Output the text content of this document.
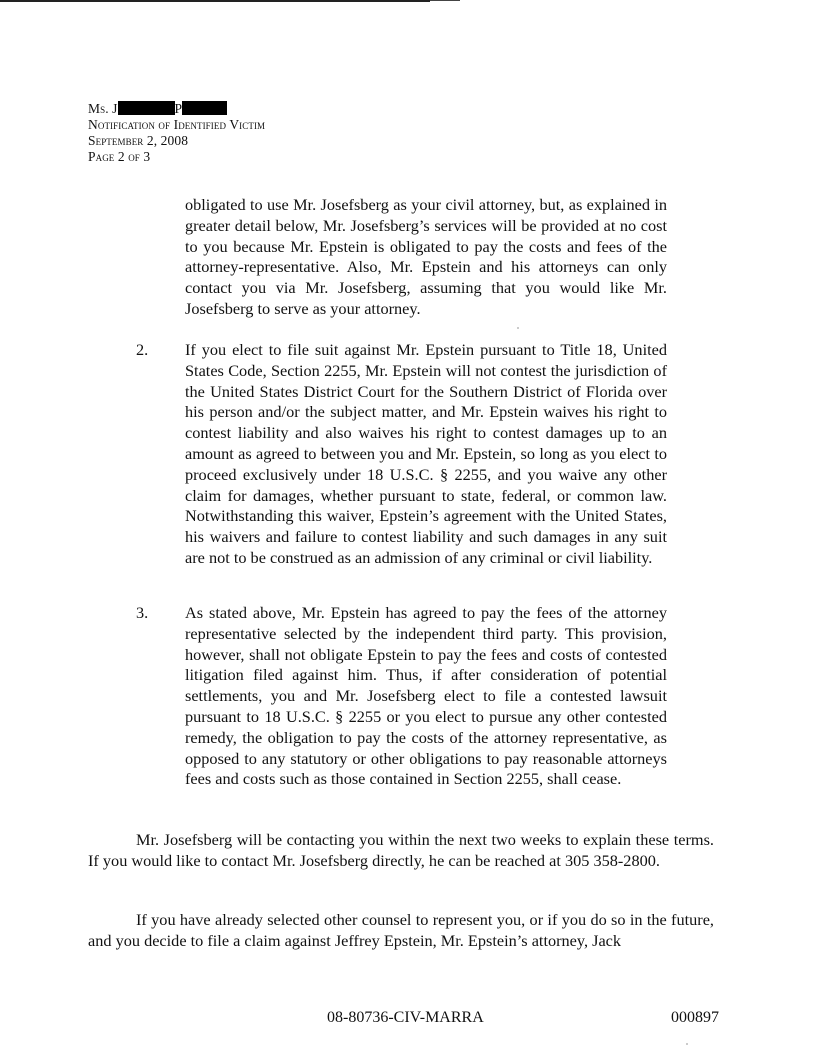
Ms. J	P
Notification of Identified Victim
September 2, 2008
Page 2 of 3
obligated to use Mr. Josefsberg as your civil attorney, but, as explained in greater detail below, Mr. Josefsberg’s services will be provided at no cost to you because Mr. Epstein is obligated to pay the costs and fees of the attorney-representative. Also, Mr. Epstein and his attorneys can only contact you via Mr. Josefsberg, assuming that you would like Mr. Josefsberg to serve as your attorney.
2. If you elect to file suit against Mr. Epstein pursuant to Title 18, United States Code, Section 2255, Mr. Epstein will not contest the jurisdiction of the United States District Court for the Southern District of Florida over his person and/or the subject matter, and Mr. Epstein waives his right to contest liability and also waives his right to contest damages up to an amount as agreed to between you and Mr. Epstein, so long as you elect to proceed exclusively under 18 U.S.C. § 2255, and you waive any other claim for damages, whether pursuant to state, federal, or common law. Notwithstanding this waiver, Epstein’s agreement with the United States, his waivers and failure to contest liability and such damages in any suit are not to be construed as an admission of any criminal or civil liability.
3. As stated above, Mr. Epstein has agreed to pay the fees of the attorney representative selected by the independent third party. This provision, however, shall not obligate Epstein to pay the fees and costs of contested litigation filed against him. Thus, if after consideration of potential settlements, you and Mr. Josefsberg elect to file a contested lawsuit pursuant to 18 U.S.C. § 2255 or you elect to pursue any other contested remedy, the obligation to pay the costs of the attorney representative, as opposed to any statutory or other obligations to pay reasonable attorneys fees and costs such as those contained in Section 2255, shall cease.
Mr. Josefsberg will be contacting you within the next two weeks to explain these terms. If you would like to contact Mr. Josefsberg directly, he can be reached at 305 358-2800.
If you have already selected other counsel to represent you, or if you do so in the future, and you decide to file a claim against Jeffrey Epstein, Mr. Epstein’s attorney, Jack
08-80736-CIV-MARRA	000897
